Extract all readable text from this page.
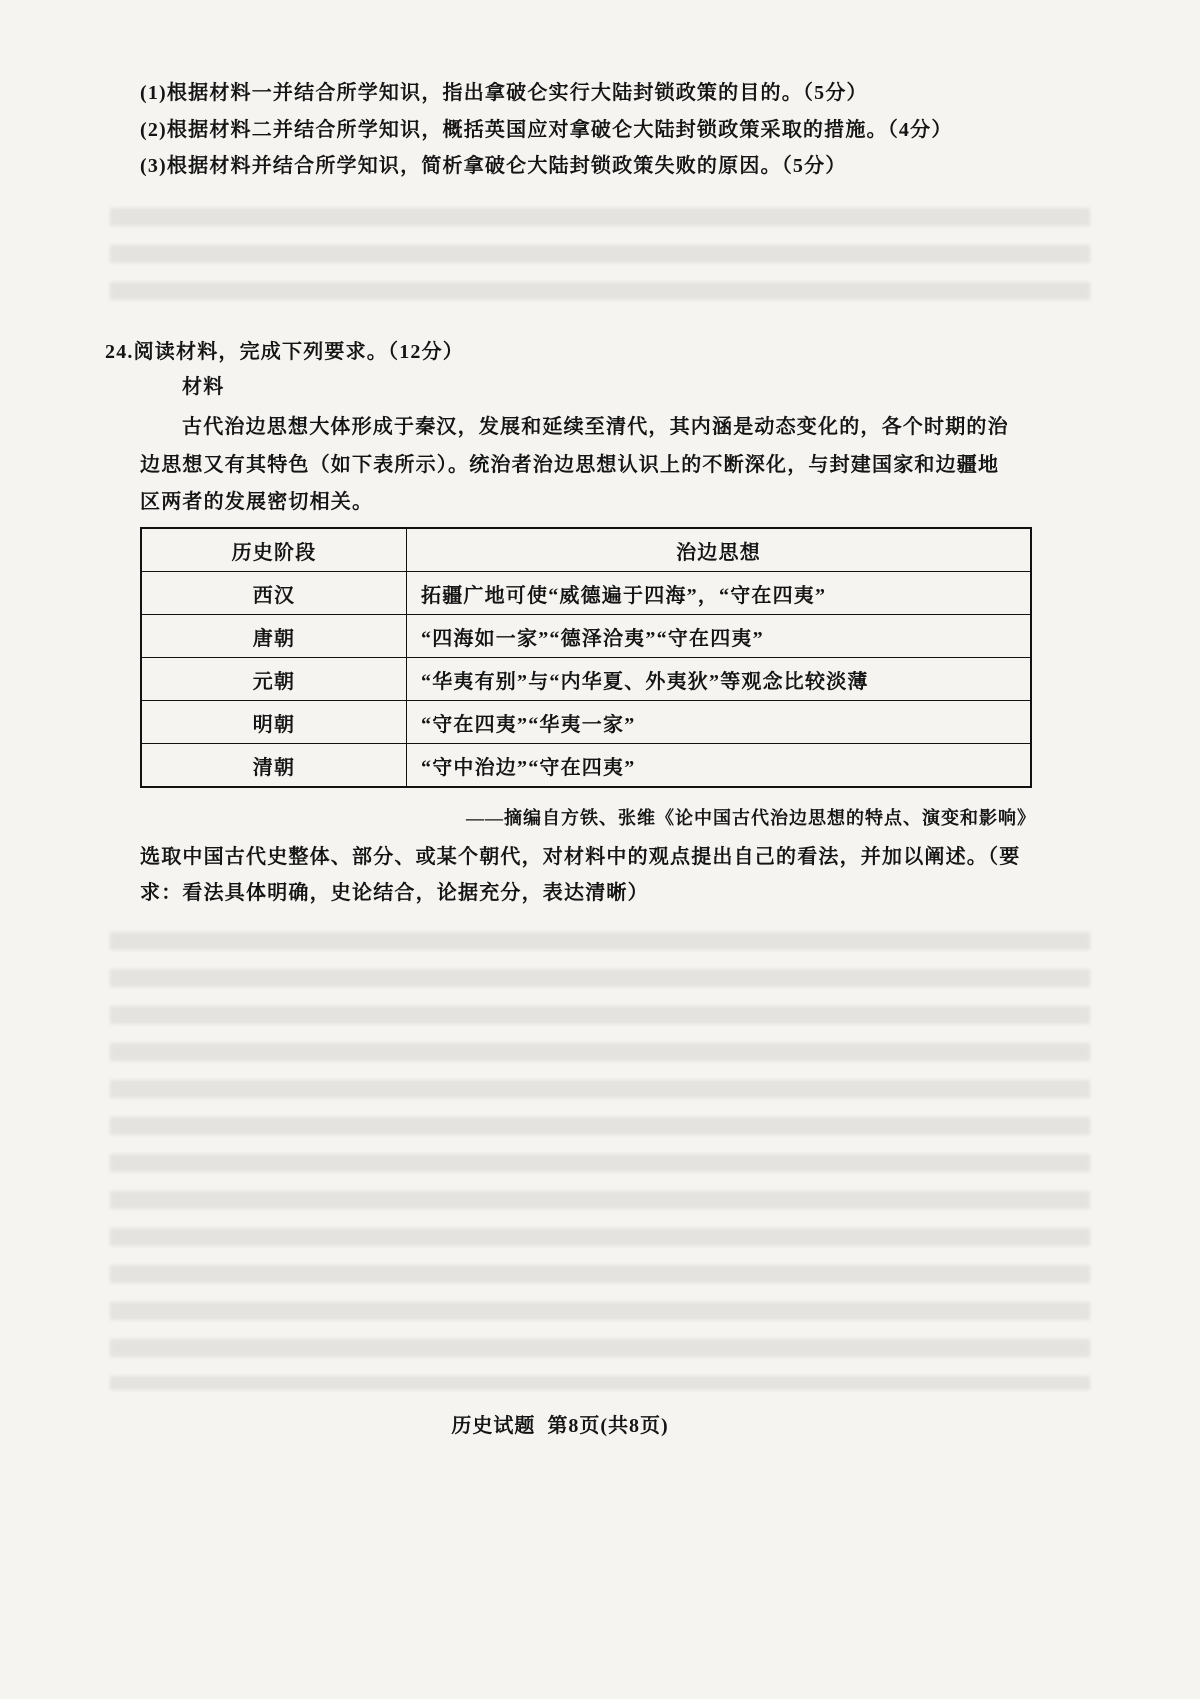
(1)根据材料一并结合所学知识，指出拿破仑实行大陆封锁政策的目的。（5分）
(2)根据材料二并结合所学知识，概括英国应对拿破仑大陆封锁政策采取的措施。（4分）
(3)根据材料并结合所学知识，简析拿破仑大陆封锁政策失败的原因。（5分）
24.阅读材料，完成下列要求。（12分）
材料
古代治边思想大体形成于秦汉，发展和延续至清代，其内涵是动态变化的，各个时期的治
边思想又有其特色（如下表所示）。统治者治边思想认识上的不断深化，与封建国家和边疆地
区两者的发展密切相关。
历史阶段	治边思想
西汉	拓疆广地可使“威德遍于四海”，“守在四夷”
唐朝	“四海如一家”“德泽洽夷”“守在四夷”
元朝	“华夷有别”与“内华夏、外夷狄”等观念比较淡薄
明朝	“守在四夷”“华夷一家”
清朝	“守中治边”“守在四夷”
——摘编自方铁、张维《论中国古代治边思想的特点、演变和影响》
选取中国古代史整体、部分、或某个朝代，对材料中的观点提出自己的看法，并加以阐述。（要
求：看法具体明确，史论结合，论据充分，表达清晰）
历史试题  第8页(共8页)
